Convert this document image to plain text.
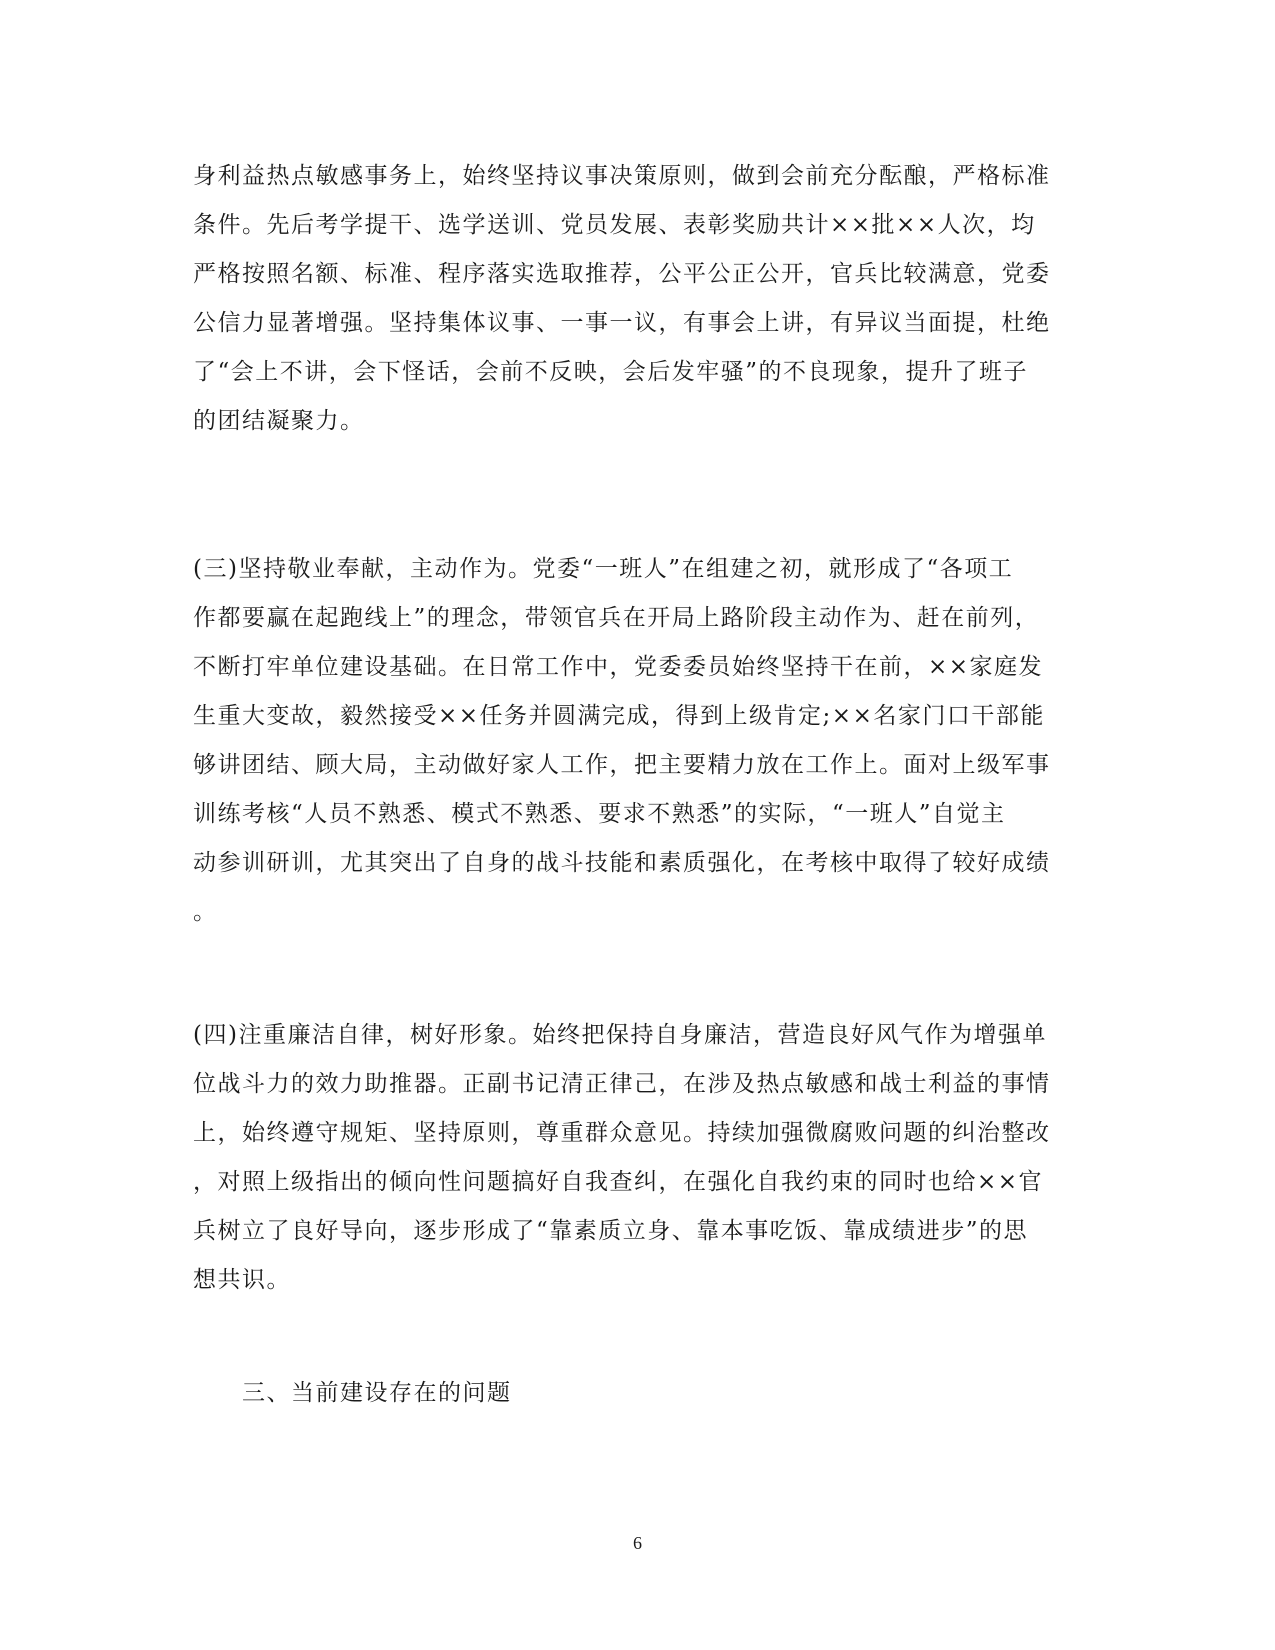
身利益热点敏感事务上，始终坚持议事决策原则，做到会前充分酝酿，严格标准
条件。先后考学提干、选学送训、党员发展、表彰奖励共计××批××人次，均
严格按照名额、标准、程序落实选取推荐，公平公正公开，官兵比较满意，党委
公信力显著增强。坚持集体议事、一事一议，有事会上讲，有异议当面提，杜绝
了“会上不讲，会下怪话，会前不反映，会后发牢骚”的不良现象，提升了班子
的团结凝聚力。
(三)坚持敬业奉献，主动作为。党委“一班人”在组建之初，就形成了“各项工
作都要赢在起跑线上”的理念，带领官兵在开局上路阶段主动作为、赶在前列，
不断打牢单位建设基础。在日常工作中，党委委员始终坚持干在前，××家庭发
生重大变故，毅然接受××任务并圆满完成，得到上级肯定;××名家门口干部能
够讲团结、顾大局，主动做好家人工作，把主要精力放在工作上。面对上级军事
训练考核“人员不熟悉、模式不熟悉、要求不熟悉”的实际，“一班人”自觉主
动参训研训，尤其突出了自身的战斗技能和素质强化，在考核中取得了较好成绩
。
(四)注重廉洁自律，树好形象。始终把保持自身廉洁，营造良好风气作为增强单
位战斗力的效力助推器。正副书记清正律己，在涉及热点敏感和战士利益的事情
上，始终遵守规矩、坚持原则，尊重群众意见。持续加强微腐败问题的纠治整改
，对照上级指出的倾向性问题搞好自我查纠，在强化自我约束的同时也给××官
兵树立了良好导向，逐步形成了“靠素质立身、靠本事吃饭、靠成绩进步”的思
想共识。
三、当前建设存在的问题
6
